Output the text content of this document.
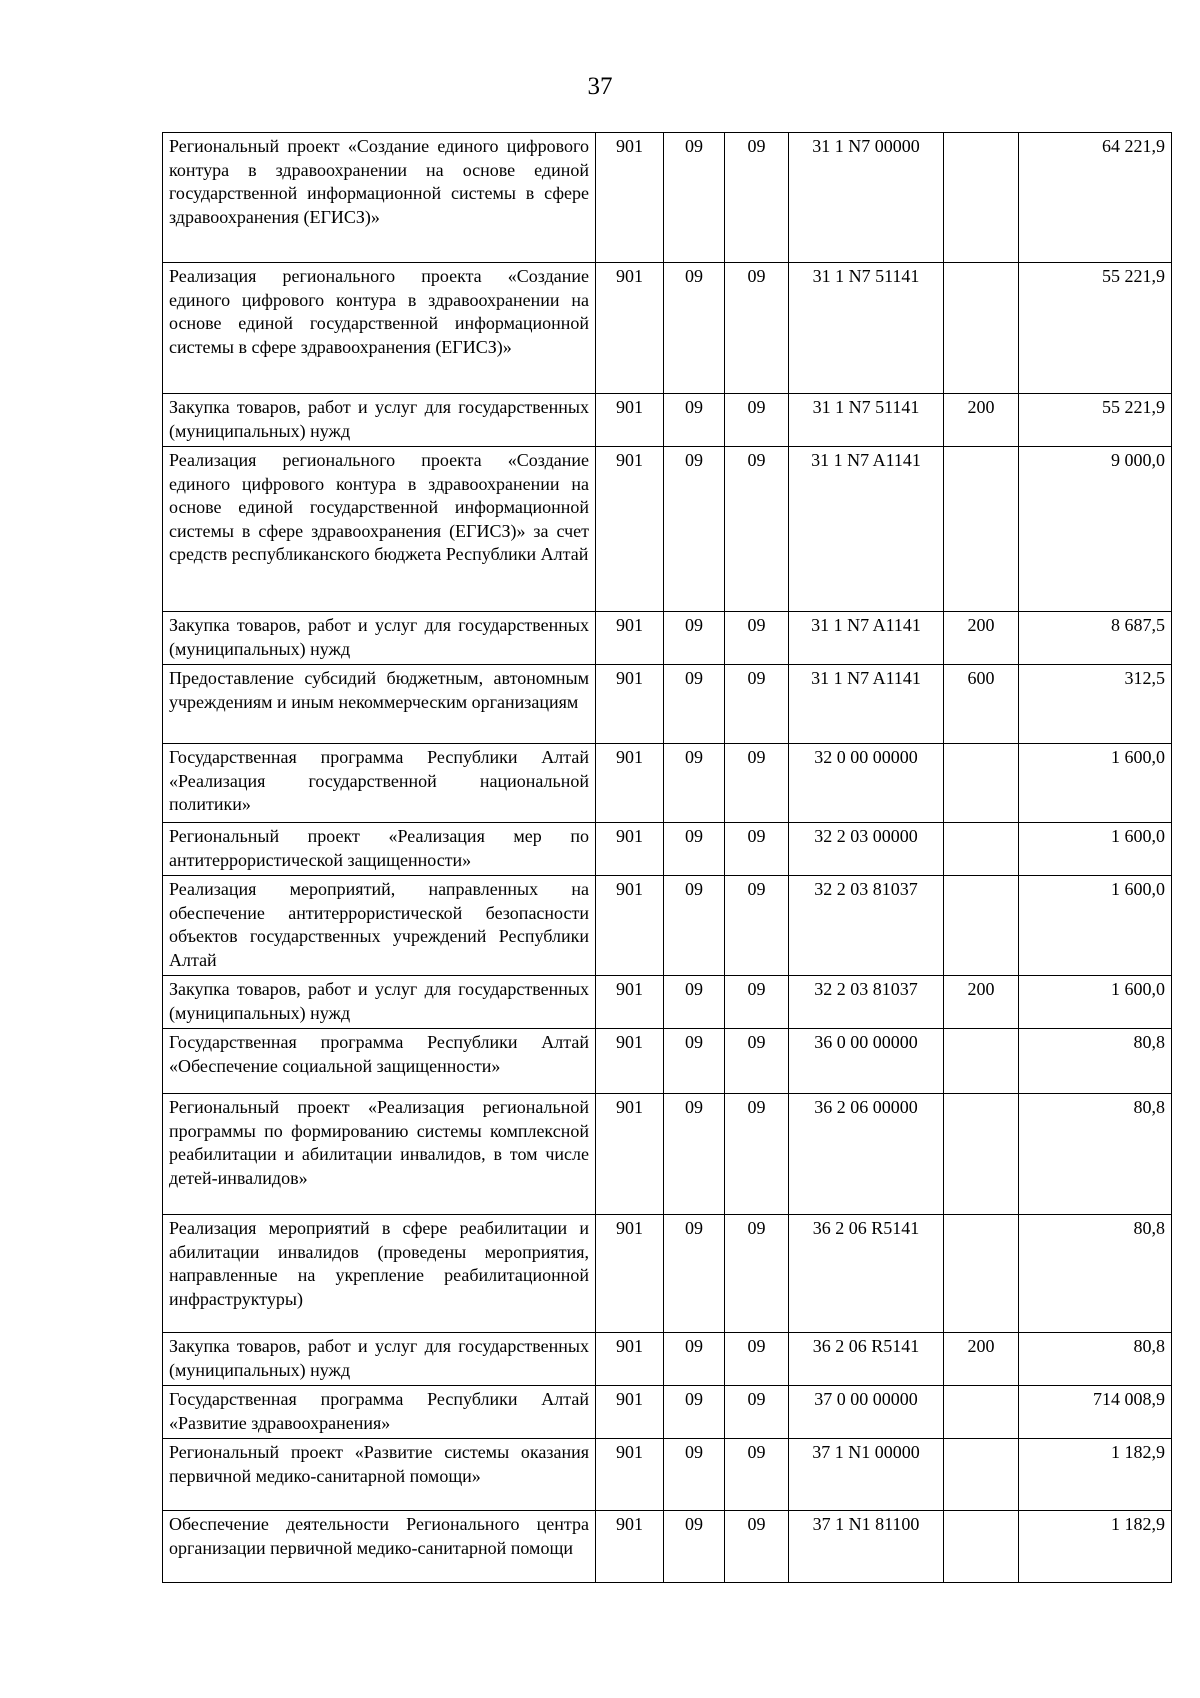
37
Региональный проект «Создание единого цифрового контура в здравоохранении на основе единой государственной информационной системы в сфере здравоохранения (ЕГИСЗ)»	901	09	09	31 1 N7 00000		64 221,9
Реализация регионального проекта «Создание единого цифрового контура в здравоохранении на основе единой государственной информационной системы в сфере здравоохранения (ЕГИСЗ)»	901	09	09	31 1 N7 51141		55 221,9
Закупка товаров, работ и услуг для государственных (муниципальных) нужд	901	09	09	31 1 N7 51141	200	55 221,9
Реализация регионального проекта «Создание единого цифрового контура в здравоохранении на основе единой государственной информационной системы в сфере здравоохранения (ЕГИСЗ)» за счет средств республиканского бюджета Республики Алтай	901	09	09	31 1 N7 A1141		9 000,0
Закупка товаров, работ и услуг для государственных (муниципальных) нужд	901	09	09	31 1 N7 A1141	200	8 687,5
Предоставление субсидий бюджетным, автономным учреждениям и иным некоммерческим организациям	901	09	09	31 1 N7 A1141	600	312,5
Государственная программа Республики Алтай «Реализация государственной национальной политики»	901	09	09	32 0 00 00000		1 600,0
Региональный проект «Реализация мер по антитеррористической защищенности»	901	09	09	32 2 03 00000		1 600,0
Реализация мероприятий, направленных на обеспечение антитеррористической безопасности объектов государственных учреждений Республики Алтай	901	09	09	32 2 03 81037		1 600,0
Закупка товаров, работ и услуг для государственных (муниципальных) нужд	901	09	09	32 2 03 81037	200	1 600,0
Государственная программа Республики Алтай «Обеспечение социальной защищенности»	901	09	09	36 0 00 00000		80,8
Региональный проект «Реализация региональной программы по формированию системы комплексной реабилитации и абилитации инвалидов, в том числе детей-инвалидов»	901	09	09	36 2 06 00000		80,8
Реализация мероприятий в сфере реабилитации и абилитации инвалидов (проведены мероприятия, направленные на укрепление реабилитационной инфраструктуры)	901	09	09	36 2 06 R5141		80,8
Закупка товаров, работ и услуг для государственных (муниципальных) нужд	901	09	09	36 2 06 R5141	200	80,8
Государственная программа Республики Алтай «Развитие здравоохранения»	901	09	09	37 0 00 00000		714 008,9
Региональный проект «Развитие системы оказания первичной медико-санитарной помощи»	901	09	09	37 1 N1 00000		1 182,9
Обеспечение деятельности Регионального центра организации первичной медико-санитарной помощи	901	09	09	37 1 N1 81100		1 182,9
